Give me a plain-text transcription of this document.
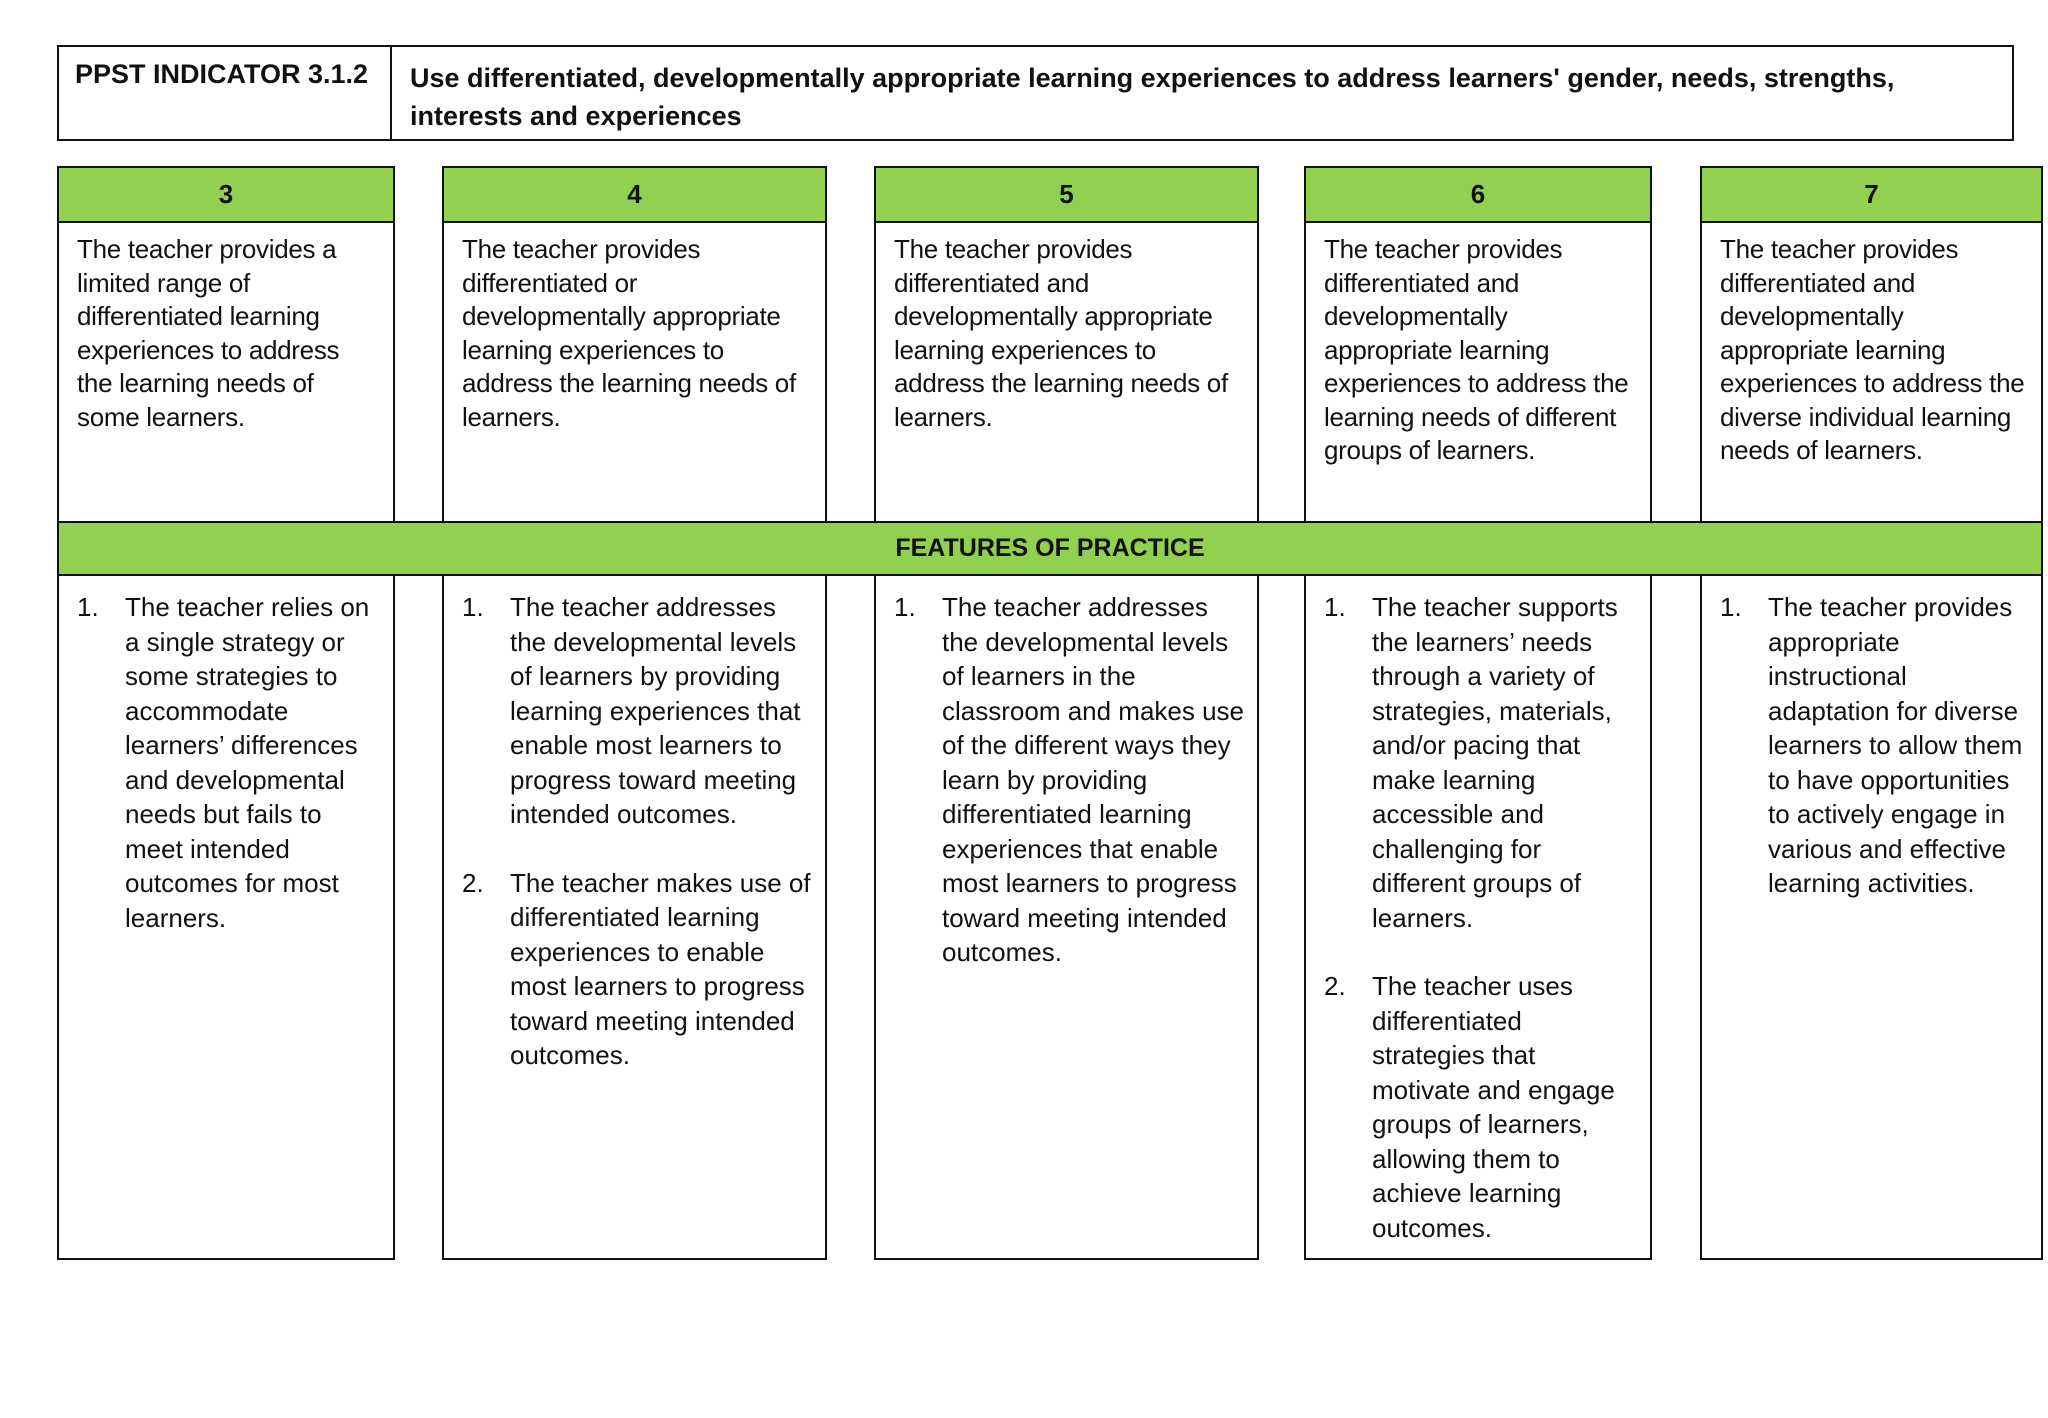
PPST INDICATOR 3.1.2	Use differentiated, developmentally appropriate learning experiences to address learners' gender, needs, strengths, interests and experiences
3
The teacher provides a limited range of differentiated learning experiences to address the learning needs of some learners.
1. The teacher relies on a single strategy or some strategies to accommodate learners’ differences and developmental needs but fails to meet intended outcomes for most learners.
4
The teacher provides differentiated or developmentally appropriate learning experiences to address the learning needs of learners.
1. The teacher addresses the developmental levels of learners by providing learning experiences that enable most learners to progress toward meeting intended outcomes.
2. The teacher makes use of differentiated learning experiences to enable most learners to progress toward meeting intended outcomes.
5
The teacher provides differentiated and developmentally appropriate learning experiences to address the learning needs of learners.
1. The teacher addresses the developmental levels of learners in the classroom and makes use of the different ways they learn by providing differentiated learning experiences that enable most learners to progress toward meeting intended outcomes.
6
The teacher provides differentiated and developmentally appropriate learning experiences to address the learning needs of different groups of learners.
1. The teacher supports the learners’ needs through a variety of strategies, materials, and/or pacing that make learning accessible and challenging for different groups of learners.
2. The teacher uses differentiated strategies that motivate and engage groups of learners, allowing them to achieve learning outcomes.
7
The teacher provides differentiated and developmentally appropriate learning experiences to address the diverse individual learning needs of learners.
1. The teacher provides appropriate instructional adaptation for diverse learners to allow them to have opportunities to actively engage in various and effective learning activities.
FEATURES OF PRACTICE
